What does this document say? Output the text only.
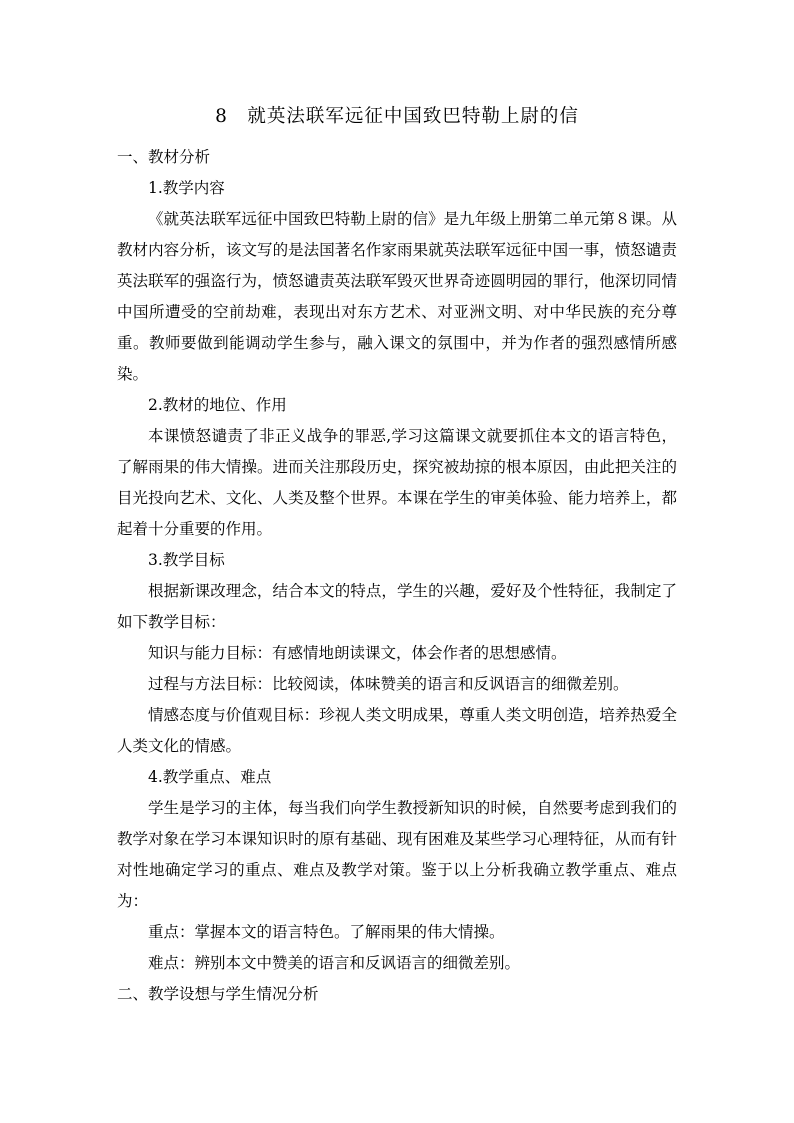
8　就英法联军远征中国致巴特勒上尉的信

一、教材分析

1.教学内容

《就英法联军远征中国致巴特勒上尉的信》是九年级上册第二单元第８课。从教材内容分析，该文写的是法国著名作家雨果就英法联军远征中国一事，愤怒谴责英法联军的强盗行为，愤怒谴责英法联军毁灭世界奇迹圆明园的罪行，他深切同情中国所遭受的空前劫难，表现出对东方艺术、对亚洲文明、对中华民族的充分尊重。教师要做到能调动学生参与，融入课文的氛围中，并为作者的强烈感情所感染。

2.教材的地位、作用

本课愤怒谴责了非正义战争的罪恶,学习这篇课文就要抓住本文的语言特色，了解雨果的伟大情操。进而关注那段历史，探究被劫掠的根本原因，由此把关注的目光投向艺术、文化、人类及整个世界。本课在学生的审美体验、能力培养上，都起着十分重要的作用。

3.教学目标

根据新课改理念，结合本文的特点，学生的兴趣，爱好及个性特征，我制定了如下教学目标：

知识与能力目标：有感情地朗读课文，体会作者的思想感情。

过程与方法目标：比较阅读，体味赞美的语言和反讽语言的细微差别。

情感态度与价值观目标：珍视人类文明成果，尊重人类文明创造，培养热爱全人类文化的情感。

4.教学重点、难点

学生是学习的主体，每当我们向学生教授新知识的时候，自然要考虑到我们的教学对象在学习本课知识时的原有基础、现有困难及某些学习心理特征，从而有针对性地确定学习的重点、难点及教学对策。鉴于以上分析我确立教学重点、难点为：

重点：掌握本文的语言特色。了解雨果的伟大情操。

难点：辨别本文中赞美的语言和反讽语言的细微差别。

二、教学设想与学生情况分析
